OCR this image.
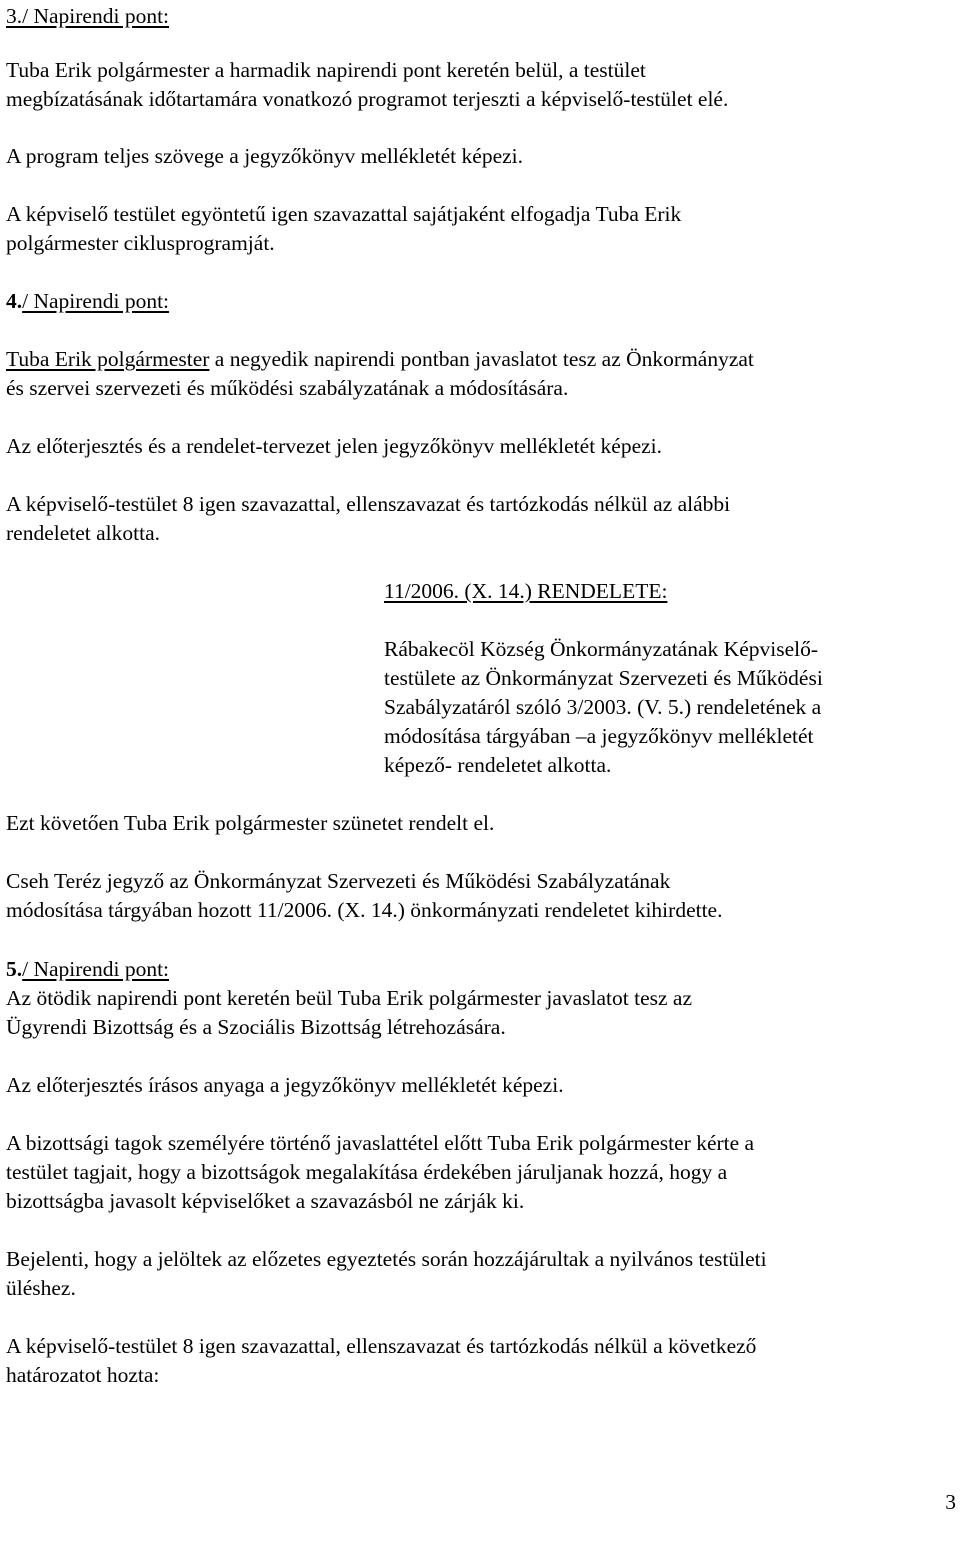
3./ Napirendi pont:

Tuba Erik polgármester a harmadik napirendi pont keretén belül, a testület
megbízatásának időtartamára vonatkozó programot terjeszti a képviselő-testület elé.

A program teljes szövege a jegyzőkönyv mellékletét képezi.

A képviselő testület egyöntetű igen szavazattal sajátjaként elfogadja Tuba Erik
polgármester ciklusprogramját.

4./ Napirendi pont:

Tuba Erik polgármester a negyedik napirendi pontban javaslatot tesz az Önkormányzat
és szervei szervezeti és működési szabályzatának a módosítására.

Az előterjesztés és a rendelet-tervezet jelen jegyzőkönyv mellékletét képezi.

A képviselő-testület 8 igen szavazattal, ellenszavazat és tartózkodás nélkül az alábbi
rendeletet alkotta.

11/2006. (X. 14.) RENDELETE:

Rábakecöl Község Önkormányzatának Képviselő-
testülete az Önkormányzat Szervezeti és Működési
Szabályzatáról szóló 3/2003. (V. 5.) rendeletének a
módosítása tárgyában –a jegyzőkönyv mellékletét
képező- rendeletet alkotta.

Ezt követően Tuba Erik polgármester szünetet rendelt el.

Cseh Teréz jegyző az Önkormányzat Szervezeti és Működési Szabályzatának
módosítása tárgyában hozott 11/2006. (X. 14.) önkormányzati rendeletet kihirdette.

5./ Napirendi pont:

Az ötödik napirendi pont keretén beül Tuba Erik polgármester javaslatot tesz az
Ügyrendi Bizottság és a Szociális Bizottság létrehozására.

Az előterjesztés írásos anyaga a jegyzőkönyv mellékletét képezi.

A bizottsági tagok személyére történő javaslattétel előtt Tuba Erik polgármester kérte a
testület tagjait, hogy a bizottságok megalakítása érdekében járuljanak hozzá, hogy a
bizottságba javasolt képviselőket a szavazásból ne zárják ki.

Bejelenti, hogy a jelöltek az előzetes egyeztetés során hozzájárultak a nyilvános testületi
üléshez.

A képviselő-testület 8 igen szavazattal, ellenszavazat és tartózkodás nélkül a következő
határozatot hozta:

3
